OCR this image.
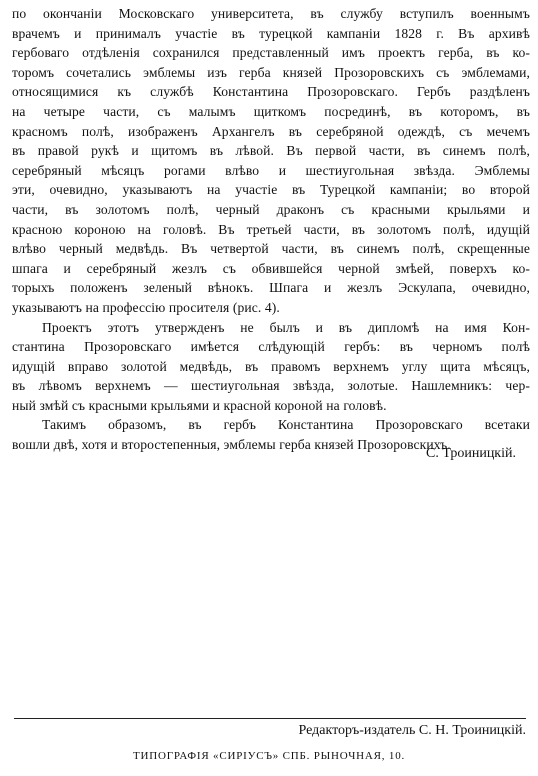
по окончаніи Московскаго университета, въ службу вступилъ военнымъ
врачемъ и принималъ участіе въ турецкой кампаніи 1828 г. Въ архивѣ
гербоваго отдѣленія сохранился представленный имъ проектъ герба, въ ко-
торомъ сочетались эмблемы изъ герба князей Прозоровскихъ съ эмблемами,
относящимися къ службѣ Константина Прозоровскаго. Гербъ раздѣленъ
на четыре части, съ малымъ щиткомъ посрединѣ, въ которомъ, въ
красномъ полѣ, изображенъ Архангелъ въ серебряной одеждѣ, съ мечемъ
въ правой рукѣ и щитомъ въ лѣвой. Въ первой части, въ синемъ полѣ,
серебряный мѣсяцъ рогами влѣво и шестиугольная звѣзда. Эмблемы
эти, очевидно, указываютъ на участіе въ Турецкой кампаніи; во второй
части, въ золотомъ полѣ, черный драконъ съ красными крыльями и
красною короною на головѣ. Въ третьей части, въ золотомъ полѣ, идущій
влѣво черный медвѣдь. Въ четвертой части, въ синемъ полѣ, скрещенные
шпага и серебряный жезлъ съ обвившейся черной змѣей, поверхъ ко-
торыхъ положенъ зеленый вѣнокъ. Шпага и жезлъ Эскулапа, очевидно,
указываютъ на профессію просителя (рис. 4).
Проектъ этотъ утвержденъ не былъ и въ дипломѣ на имя Кон-
стантина Прозоровскаго имѣется слѣдующій гербъ: въ черномъ полѣ
идущій вправо золотой медвѣдь, въ правомъ верхнемъ углу щита мѣсяцъ,
въ лѣвомъ верхнемъ — шестиугольная звѣзда, золотые. Нашлемникъ: чер-
ный змѣй съ красными крыльями и красной короной на головѣ.
Такимъ образомъ, въ гербъ Константина Прозоровскаго всетаки
вошли двѣ, хотя и второстепенныя, эмблемы герба князей Прозоровскихъ.
С. Троиницкій.
Редакторъ-издатель С. Н. Троиницкій.
ТИПОГРАФІЯ «СИРІУСЪ» СПБ. РЫНОЧНАЯ, 10.
